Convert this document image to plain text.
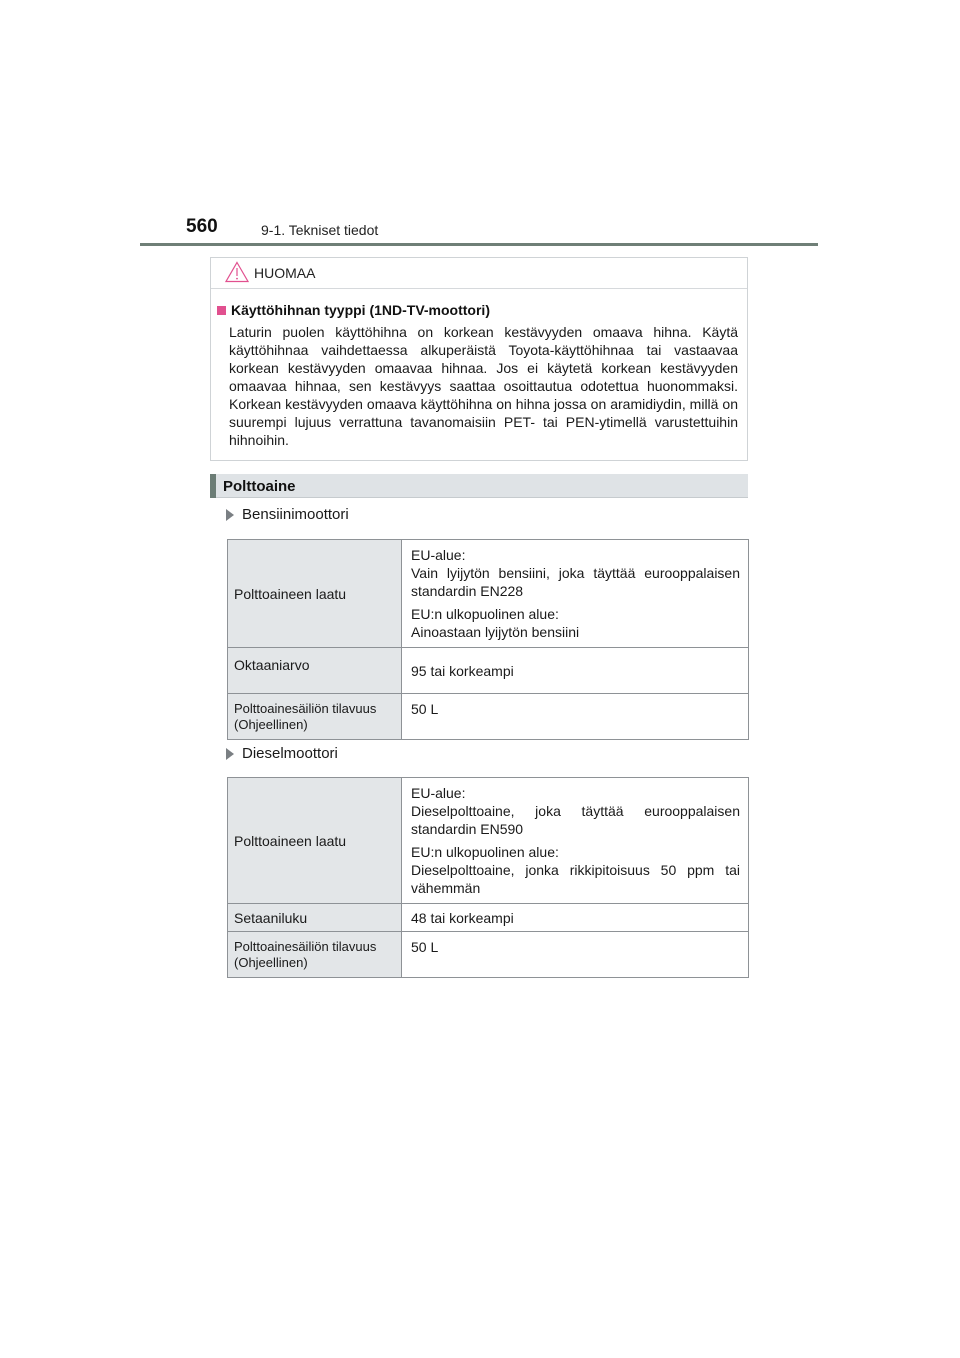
560	9-1. Tekniset tiedot
HUOMAA
Käyttöhihnan tyyppi (1ND-TV-moottori)
Laturin puolen käyttöhihna on korkean kestävyyden omaava hihna. Käytä käyttöhihnaa vaihdettaessa alkuperäistä Toyota-käyttöhihnaa tai vastaavaa korkean kestävyyden omaavaa hihnaa. Jos ei käytetä korkean kestävyyden omaavaa hihnaa, sen kestävyys saattaa osoittautua odotettua huonommaksi. Korkean kestävyyden omaava käyttöhihna on hihna jossa on aramidiydin, millä on suurempi lujuus verrattuna tavanomaisiin PET- tai PEN-ytimellä varustettuihin hihnoihin.
Polttoaine
Bensiinimoottori
Polttoaineen laatu	EU-alue:
Vain lyijytön bensiini, joka täyttää eurooppalaisen standardin EN228

EU:n ulkopuolinen alue:
Ainoastaan lyijytön bensiini

Oktaaniarvo	95 tai korkeampi
Polttoainesäiliön tilavuus (Ohjeellinen)	50 L
Dieselmoottori
Polttoaineen laatu	EU-alue:
Dieselpolttoaine, joka täyttää eurooppalaisen standardin EN590

EU:n ulkopuolinen alue:
Dieselpolttoaine, jonka rikkipitoisuus 50 ppm tai vähemmän

Setaaniluku	48 tai korkeampi
Polttoainesäiliön tilavuus (Ohjeellinen)	50 L
